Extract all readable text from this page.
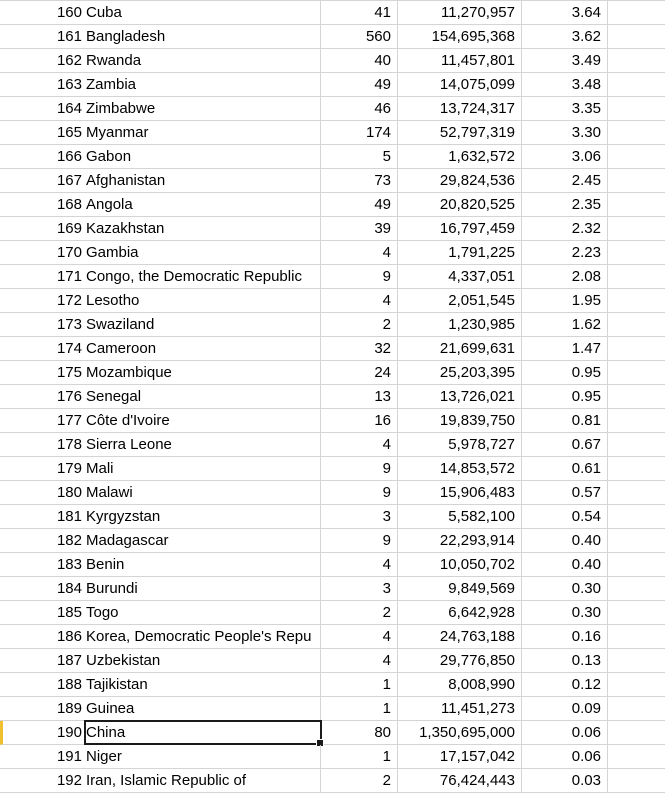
160 Cuba	41	11,270,957	3.64
161 Bangladesh	560	154,695,368	3.62
162 Rwanda	40	11,457,801	3.49
163 Zambia	49	14,075,099	3.48
164 Zimbabwe	46	13,724,317	3.35
165 Myanmar	174	52,797,319	3.30
166 Gabon	5	1,632,572	3.06
167 Afghanistan	73	29,824,536	2.45
168 Angola	49	20,820,525	2.35
169 Kazakhstan	39	16,797,459	2.32
170 Gambia	4	1,791,225	2.23
171 Congo, the Democratic Republic	9	4,337,051	2.08
172 Lesotho	4	2,051,545	1.95
173 Swaziland	2	1,230,985	1.62
174 Cameroon	32	21,699,631	1.47
175 Mozambique	24	25,203,395	0.95
176 Senegal	13	13,726,021	0.95
177 Côte d'Ivoire	16	19,839,750	0.81
178 Sierra Leone	4	5,978,727	0.67
179 Mali	9	14,853,572	0.61
180 Malawi	9	15,906,483	0.57
181 Kyrgyzstan	3	5,582,100	0.54
182 Madagascar	9	22,293,914	0.40
183 Benin	4	10,050,702	0.40
184 Burundi	3	9,849,569	0.30
185 Togo	2	6,642,928	0.30
186 Korea, Democratic People's Repu	4	24,763,188	0.16
187 Uzbekistan	4	29,776,850	0.13
188 Tajikistan	1	8,008,990	0.12
189 Guinea	1	11,451,273	0.09
190 China	80	1,350,695,000	0.06
191 Niger	1	17,157,042	0.06
192 Iran, Islamic Republic of	2	76,424,443	0.03
